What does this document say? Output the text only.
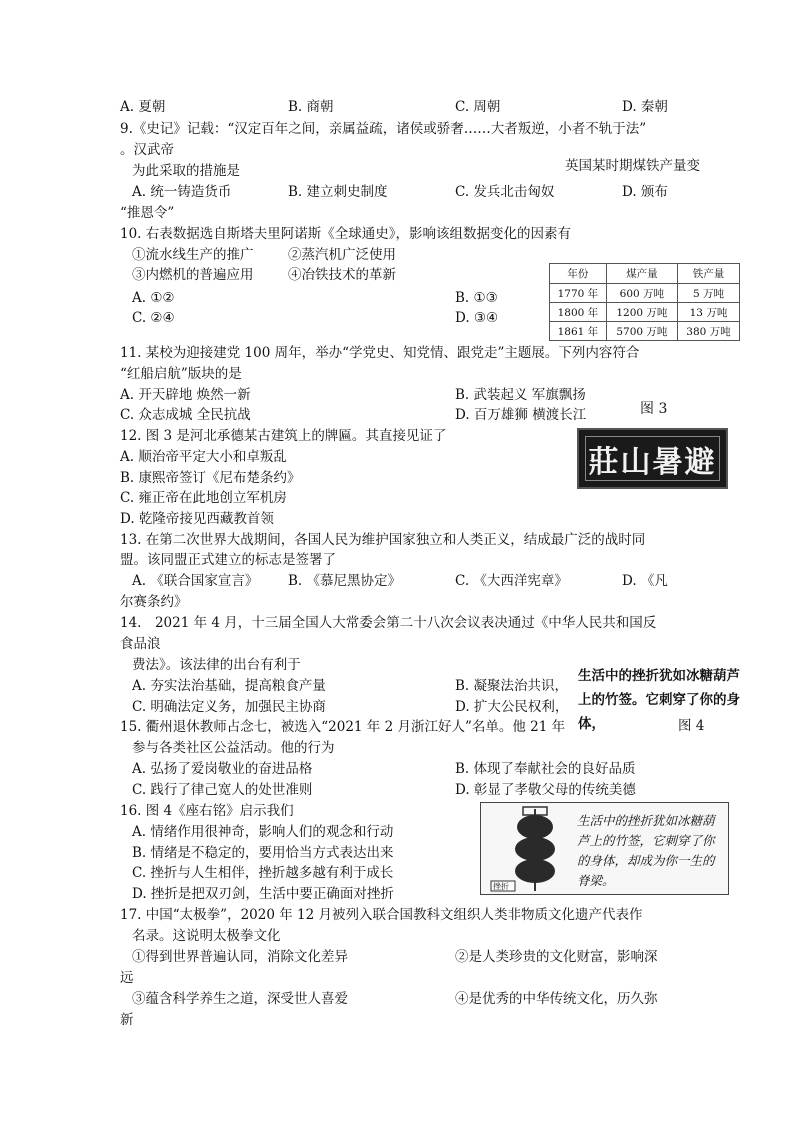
A. 夏朝	B. 商朝	C. 周朝	D. 秦朝
9.《史记》记载：“汉定百年之间，亲属益疏，诸侯或骄奢……大者叛逆，小者不轨于法”
。汉武帝
为此采取的措施是	英国某时期煤铁产量变
A. 统一铸造货币	B. 建立刺史制度	C. 发兵北击匈奴	D. 颁布
“推恩令”
10. 右表数据选自斯塔夫里阿诺斯《全球通史》，影响该组数据变化的因素有
①流水线生产的推广	②蒸汽机广泛使用
③内燃机的普遍应用	④冶铁技术的革新
A. ①②	B. ①③
C. ②④	D. ③④
11. 某校为迎接建党 100 周年，举办“学党史、知党情、跟党走”主题展。下列内容符合
“红船启航”版块的是
A. 开天辟地 焕然一新	B. 武装起义 军旗飘扬
C. 众志成城 全民抗战	D. 百万雄狮 横渡长江
12. 图 3 是河北承德某古建筑上的牌匾。其直接见证了
A. 顺治帝平定大小和卓叛乱
B. 康熙帝签订《尼布楚条约》
C. 雍正帝在此地创立军机房
D. 乾隆帝接见西藏教首领
13. 在第二次世界大战期间，各国人民为维护国家独立和人类正义，结成最广泛的战时同
盟。该同盟正式建立的标志是签署了
A. 《联合国家宣言》 B. 《慕尼黑协定》	C. 《大西洋宪章》	D. 《凡
尔赛条约》
14.　2021 年 4 月，十三届全国人大常委会第二十八次会议表决通过《中华人民共和国反
食品浪
费法》。该法律的出台有利于
A. 夯实法治基础，提高粮食产量	B. 凝聚法治共识，
C. 明确法定义务，加强民主协商	D. 扩大公民权利，
15. 衢州退休教师占念七，被选入“2021 年 2 月浙江好人”名单。他 21 年
参与各类社区公益活动。他的行为
A. 弘扬了爱岗敬业的奋进品格	B. 体现了奉献社会的良好品质
C. 践行了律己宽人的处世准则	D. 彰显了孝敬父母的传统美德
16. 图 4《座右铭》启示我们
A. 情绪作用很神奇，影响人们的观念和行动
B. 情绪是不稳定的，要用恰当方式表达出来
C. 挫折与人生相伴，挫折越多越有利于成长
D. 挫折是把双刃剑，生活中要正确面对挫折
17. 中国“太极拳”，2020 年 12 月被列入联合国教科文组织人类非物质文化遗产代表作
名录。这说明太极拳文化
①得到世界普遍认同，消除文化差异	②是人类珍贵的文化财富，影响深
远
③蕴含科学养生之道，深受世人喜爱	④是优秀的中华传统文化，历久弥
新
年份	煤产量	铁产量
1770 年	600 万吨	5 万吨
1800 年	1200 万吨	13 万吨
1861 年	5700 万吨	380 万吨
图 3
莊山暑避
生活中的挫折犹如冰糖葫芦上的竹签。它刺穿了你的身体，	图 4
挫折
生活中的挫折犹如冰糖葫芦上的竹签，它刺穿了你的身体，却成为你一生的脊梁。
